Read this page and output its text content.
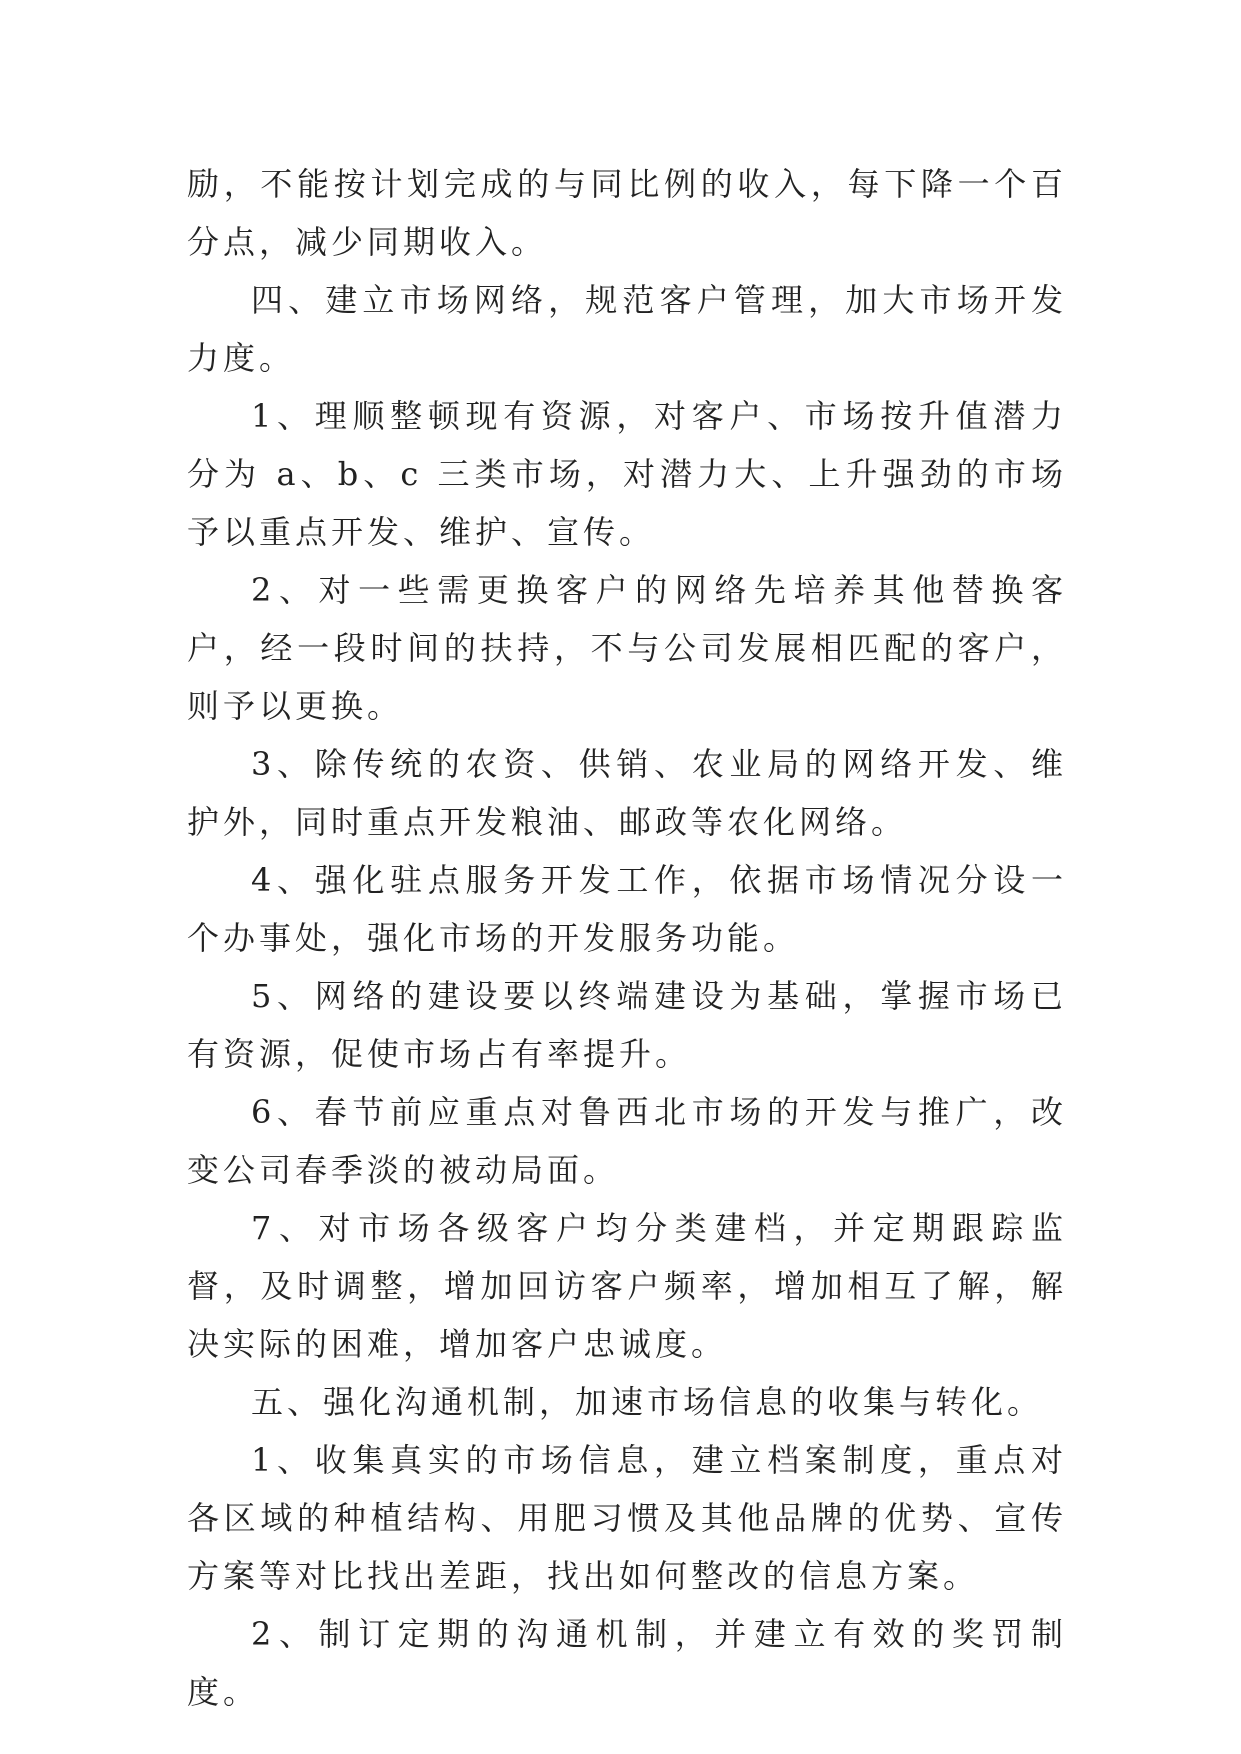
励，不能按计划完成的与同比例的收入，每下降一个百分点，减少同期收入。

四、建立市场网络，规范客户管理，加大市场开发力度。

1、理顺整顿现有资源，对客户、市场按升值潜力分为 a、b、c 三类市场，对潜力大、上升强劲的市场予以重点开发、维护、宣传。

2、对一些需更换客户的网络先培养其他替换客户，经一段时间的扶持，不与公司发展相匹配的客户，则予以更换。

3、除传统的农资、供销、农业局的网络开发、维护外，同时重点开发粮油、邮政等农化网络。

4、强化驻点服务开发工作，依据市场情况分设一个办事处，强化市场的开发服务功能。

5、网络的建设要以终端建设为基础，掌握市场已有资源，促使市场占有率提升。

6、春节前应重点对鲁西北市场的开发与推广，改变公司春季淡的被动局面。

7、对市场各级客户均分类建档，并定期跟踪监督，及时调整，增加回访客户频率，增加相互了解，解决实际的困难，增加客户忠诚度。

五、强化沟通机制，加速市场信息的收集与转化。

1、收集真实的市场信息，建立档案制度，重点对各区域的种植结构、用肥习惯及其他品牌的优势、宣传方案等对比找出差距，找出如何整改的信息方案。

2、制订定期的沟通机制，并建立有效的奖罚制度。
